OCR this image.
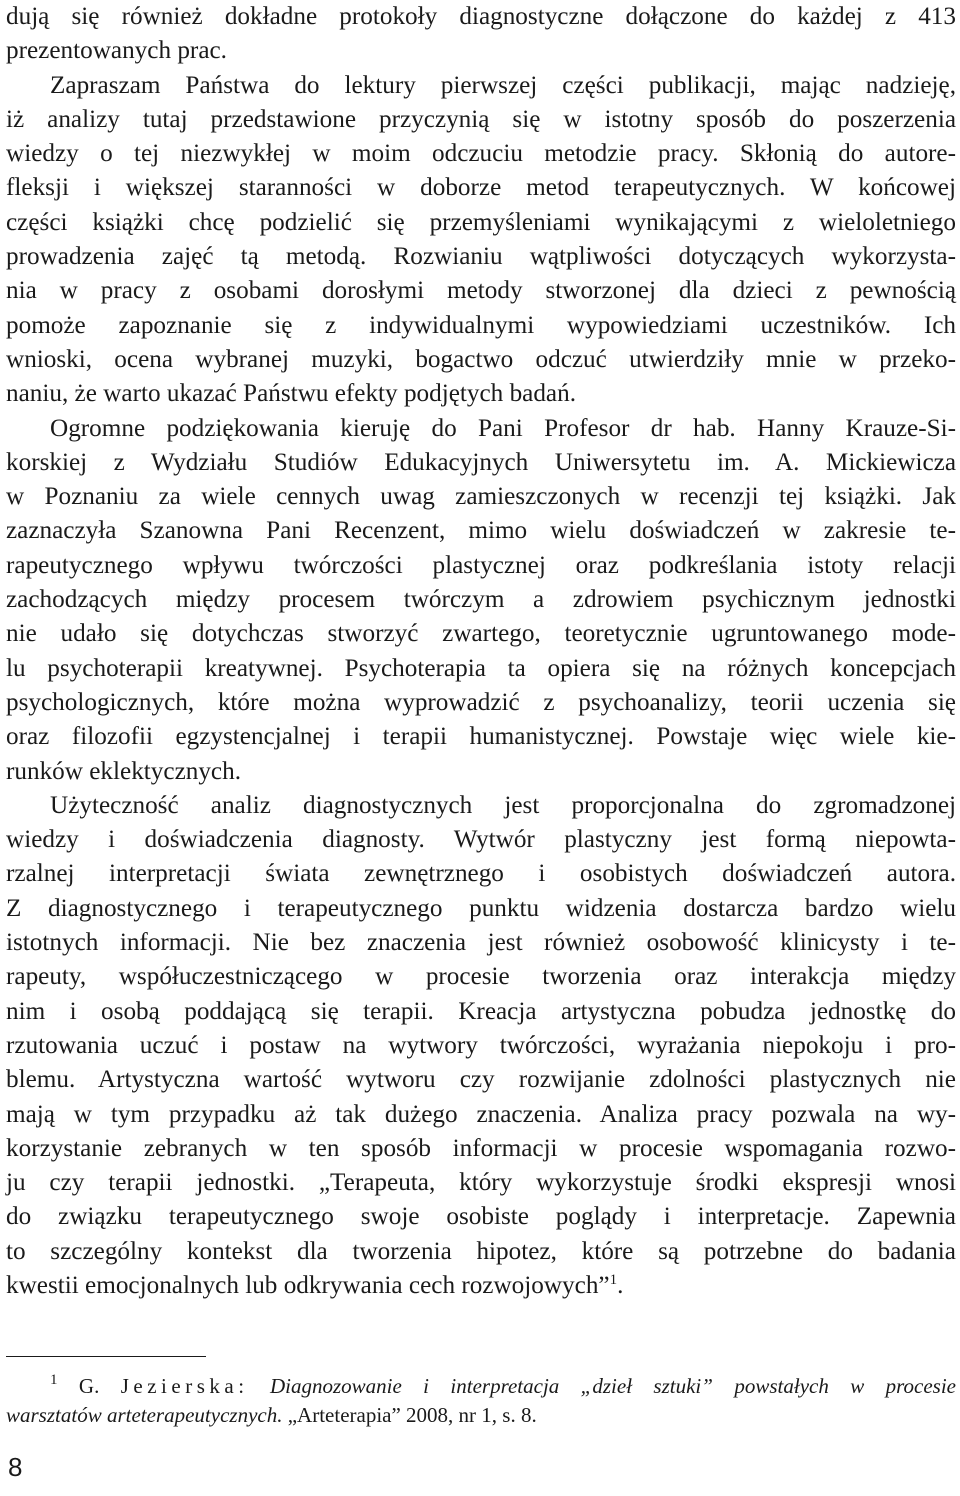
dują się również dokładne protokoły diagnostyczne dołączone do każdej z 413
prezentowanych prac.
Zapraszam Państwa do lektury pierwszej części publikacji, mając nadzieję,
iż analizy tutaj przedstawione przyczynią się w istotny sposób do poszerzenia
wiedzy o tej niezwykłej w moim odczuciu metodzie pracy. Skłonią do autore-
fleksji i większej staranności w doborze metod terapeutycznych. W końcowej
części książki chcę podzielić się przemyśleniami wynikającymi z wieloletniego
prowadzenia zajęć tą metodą. Rozwianiu wątpliwości dotyczących wykorzysta-
nia w pracy z osobami dorosłymi metody stworzonej dla dzieci z pewnością
pomoże zapoznanie się z indywidualnymi wypowiedziami uczestników. Ich
wnioski, ocena wybranej muzyki, bogactwo odczuć utwierdziły mnie w przeko-
naniu, że warto ukazać Państwu efekty podjętych badań.
Ogromne podziękowania kieruję do Pani Profesor dr hab. Hanny Krauze-Si-
korskiej z Wydziału Studiów Edukacyjnych Uniwersytetu im. A. Mickiewicza
w Poznaniu za wiele cennych uwag zamieszczonych w recenzji tej książki. Jak
zaznaczyła Szanowna Pani Recenzent, mimo wielu doświadczeń w zakresie te-
rapeutycznego wpływu twórczości plastycznej oraz podkreślania istoty relacji
zachodzących między procesem twórczym a zdrowiem psychicznym jednostki
nie udało się dotychczas stworzyć zwartego, teoretycznie ugruntowanego mode-
lu psychoterapii kreatywnej. Psychoterapia ta opiera się na różnych koncepcjach
psychologicznych, które można wyprowadzić z psychoanalizy, teorii uczenia się
oraz filozofii egzystencjalnej i terapii humanistycznej. Powstaje więc wiele kie-
runków eklektycznych.
Użyteczność analiz diagnostycznych jest proporcjonalna do zgromadzonej
wiedzy i doświadczenia diagnosty. Wytwór plastyczny jest formą niepowta-
rzalnej interpretacji świata zewnętrznego i osobistych doświadczeń autora.
Z diagnostycznego i terapeutycznego punktu widzenia dostarcza bardzo wielu
istotnych informacji. Nie bez znaczenia jest również osobowość klinicysty i te-
rapeuty, współuczestniczącego w procesie tworzenia oraz interakcja między
nim i osobą poddającą się terapii. Kreacja artystyczna pobudza jednostkę do
rzutowania uczuć i postaw na wytwory twórczości, wyrażania niepokoju i pro-
blemu. Artystyczna wartość wytworu czy rozwijanie zdolności plastycznych nie
mają w tym przypadku aż tak dużego znaczenia. Analiza pracy pozwala na wy-
korzystanie zebranych w ten sposób informacji w procesie wspomagania rozwo-
ju czy terapii jednostki. „Terapeuta, który wykorzystuje środki ekspresji wnosi
do związku terapeutycznego swoje osobiste poglądy i interpretacje. Zapewnia
to szczególny kontekst dla tworzenia hipotez, które są potrzebne do badania
kwestii emocjonalnych lub odkrywania cech rozwojowych”$^1$.
$^1$ G. Jezierska: Diagnozowanie i interpretacja „dzieł sztuki” powstałych w procesie
warsztatów arteterapeutycznych. „Arteterapia” 2008, nr 1, s. 8.
8
